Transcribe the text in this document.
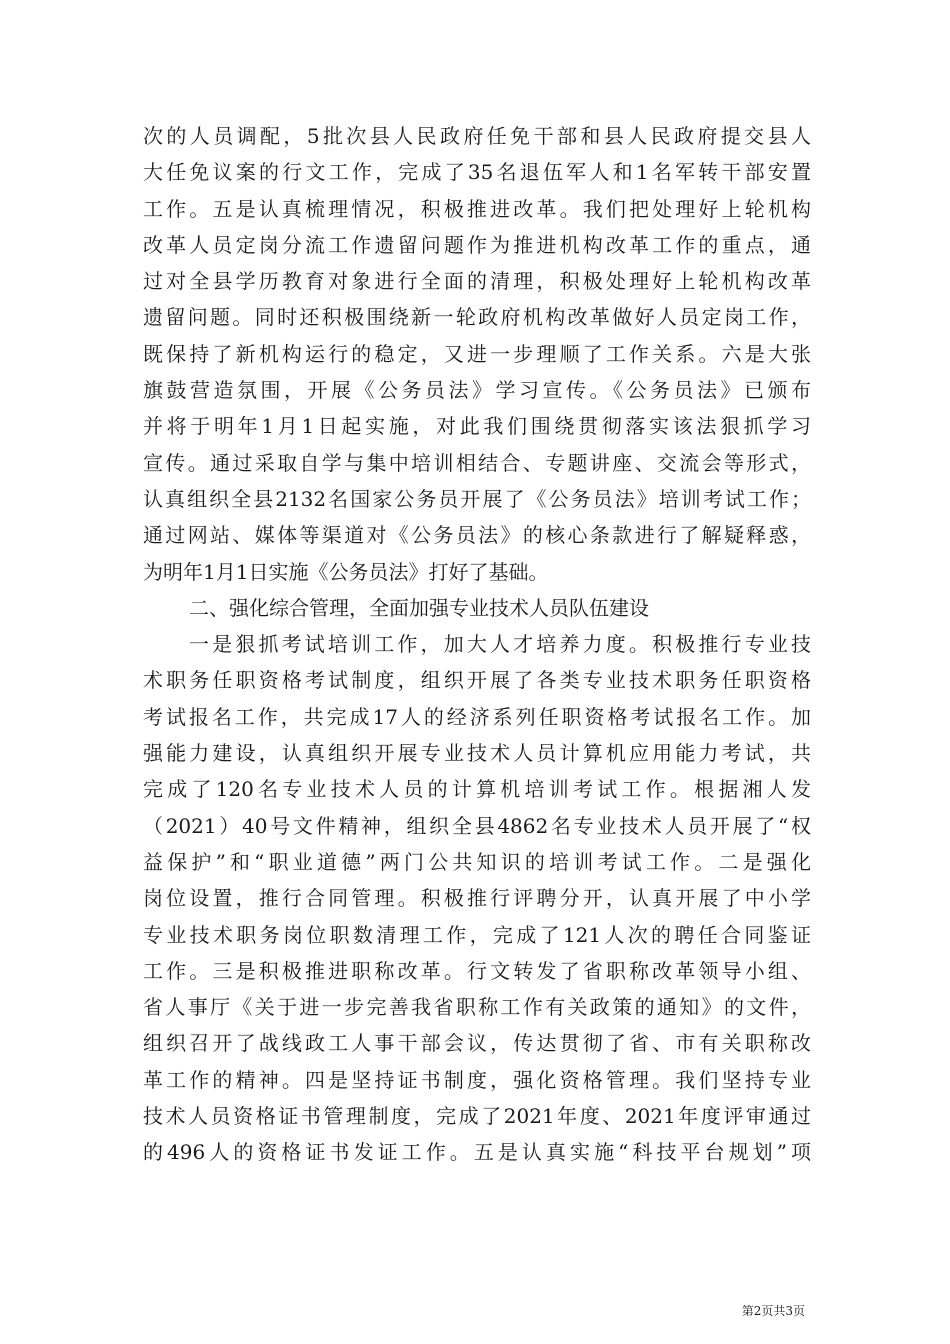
次的人员调配，5批次县人民政府任免干部和县人民政府提交县人
大任免议案的行文工作，完成了35名退伍军人和1名军转干部安置
工作。五是认真梳理情况，积极推进改革。我们把处理好上轮机构
改革人员定岗分流工作遗留问题作为推进机构改革工作的重点，通
过对全县学历教育对象进行全面的清理，积极处理好上轮机构改革
遗留问题。同时还积极围绕新一轮政府机构改革做好人员定岗工作，
既保持了新机构运行的稳定，又进一步理顺了工作关系。六是大张
旗鼓营造氛围，开展《公务员法》学习宣传。《公务员法》已颁布
并将于明年1月1日起实施，对此我们围绕贯彻落实该法狠抓学习
宣传。通过采取自学与集中培训相结合、专题讲座、交流会等形式，
认真组织全县2132名国家公务员开展了《公务员法》培训考试工作；
通过网站、媒体等渠道对《公务员法》的核心条款进行了解疑释惑，
为明年1月1日实施《公务员法》打好了基础。
二、强化综合管理，全面加强专业技术人员队伍建设
一是狠抓考试培训工作，加大人才培养力度。积极推行专业技
术职务任职资格考试制度，组织开展了各类专业技术职务任职资格
考试报名工作，共完成17人的经济系列任职资格考试报名工作。加
强能力建设，认真组织开展专业技术人员计算机应用能力考试，共
完成了120名专业技术人员的计算机培训考试工作。根据湘人发
（2021）40号文件精神，组织全县4862名专业技术人员开展了“权
益保护”和“职业道德”两门公共知识的培训考试工作。二是强化
岗位设置，推行合同管理。积极推行评聘分开，认真开展了中小学
专业技术职务岗位职数清理工作，完成了121人次的聘任合同鉴证
工作。三是积极推进职称改革。行文转发了省职称改革领导小组、
省人事厅《关于进一步完善我省职称工作有关政策的通知》的文件，
组织召开了战线政工人事干部会议，传达贯彻了省、市有关职称改
革工作的精神。四是坚持证书制度，强化资格管理。我们坚持专业
技术人员资格证书管理制度，完成了2021年度、2021年度评审通过
的496人的资格证书发证工作。五是认真实施“科技平台规划”项
第2页共3页
